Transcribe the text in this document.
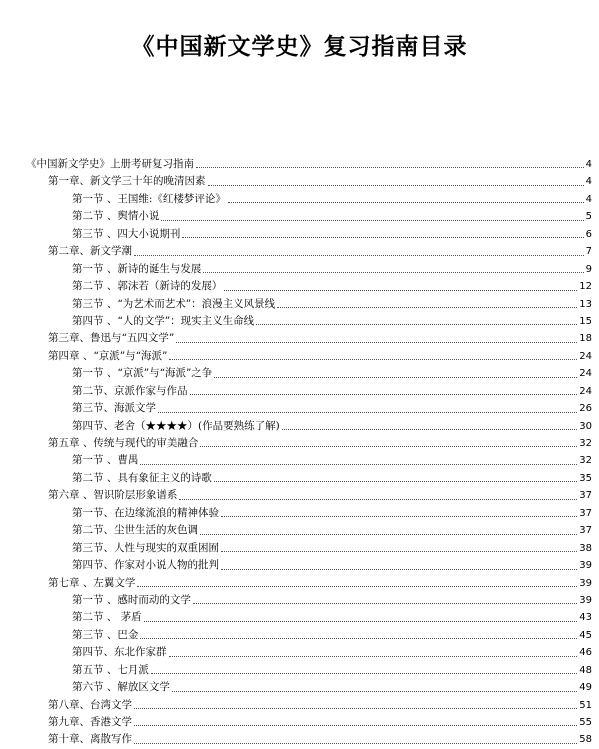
《中国新文学史》复习指南目录
《中国新文学史》上册考研复习指南	4
第一章、新文学三十年的晚清因素	4
第一节 、王国维:《红楼梦评论》	4
第二节 、舆情小说	5
第三节 、四大小说期刊	6
第二章、新文学潮	7
第一节 、新诗的诞生与发展	9
第二节 、郭沫若（新诗的发展）	12
第三节 、“为艺术而艺术”：浪漫主义风景线	13
第四节 、“人的文学”：现实主义生命线	15
第三章、鲁迅与“五四文学”	18
第四章 、“京派”与“海派”	24
第一节 、“京派”与“海派”之争	24
第二节、京派作家与作品	24
第三节、海派文学	26
第四节、老舍（★★★★）(作品要熟练了解)	30
第五章 、传统与现代的审美融合	32
第一节 、曹禺	32
第二节 、具有象征主义的诗歌	35
第六章 、智识阶层形象谱系	37
第一节、在边缘流浪的精神体验	37
第二节、尘世生活的灰色调	37
第三节、人性与现实的双重困囿	38
第四节、作家对小说人物的批判	39
第七章 、左翼文学	39
第一节 、感时而动的文学	39
第二节 、 茅盾	43
第三节 、巴金	45
第四节、东北作家群	46
第五节 、七月派	48
第六节 、解放区文学	49
第八章、台湾文学	51
第九章、香港文学	55
第十章、离散写作	58
